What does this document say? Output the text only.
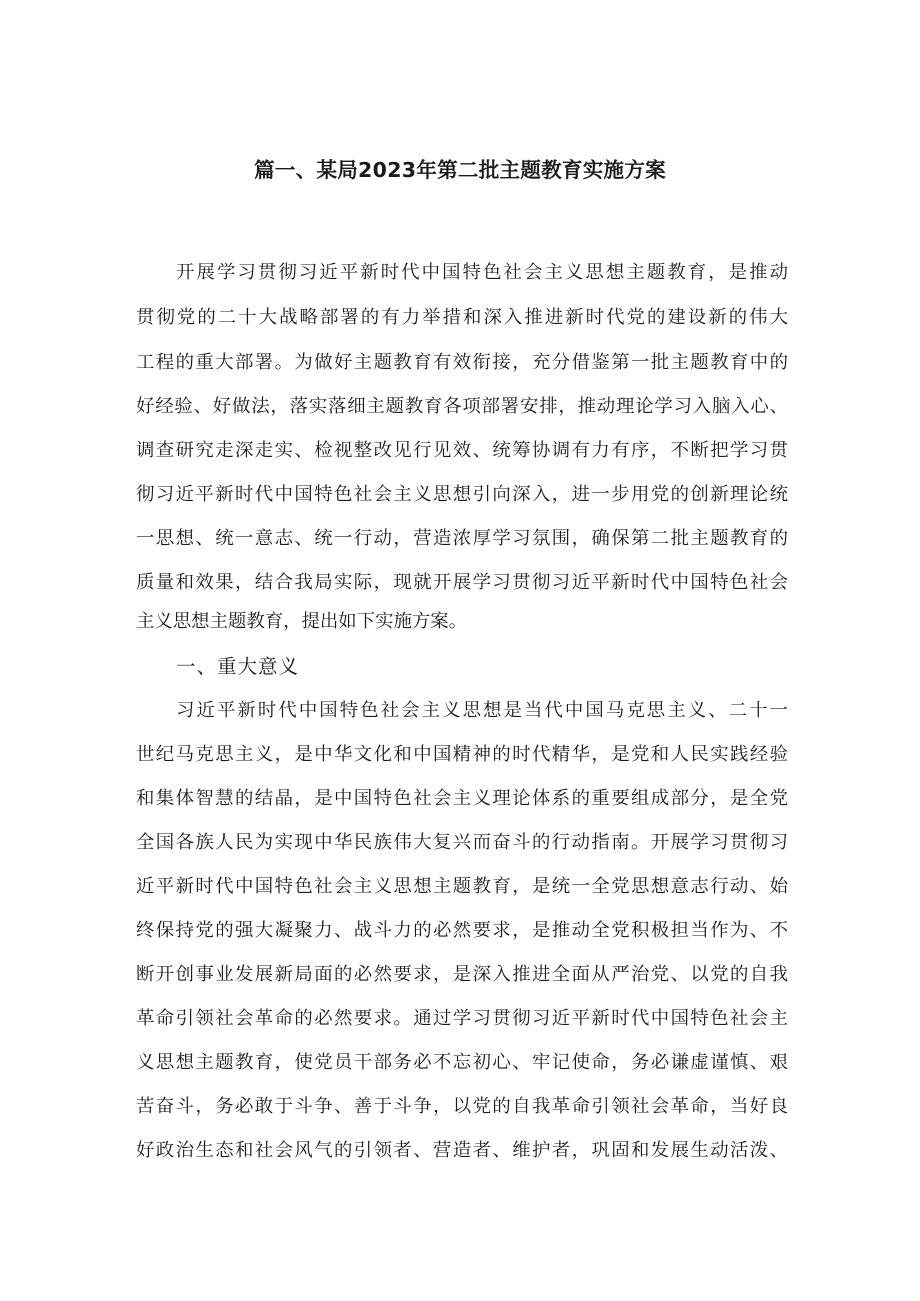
篇一、某局2023年第二批主题教育实施方案
开展学习贯彻习近平新时代中国特色社会主义思想主题教育，是推动
贯彻党的二十大战略部署的有力举措和深入推进新时代党的建设新的伟大
工程的重大部署。为做好主题教育有效衔接，充分借鉴第一批主题教育中的
好经验、好做法，落实落细主题教育各项部署安排，推动理论学习入脑入心、
调查研究走深走实、检视整改见行见效、统筹协调有力有序，不断把学习贯
彻习近平新时代中国特色社会主义思想引向深入，进一步用党的创新理论统
一思想、统一意志、统一行动，营造浓厚学习氛围，确保第二批主题教育的
质量和效果，结合我局实际，现就开展学习贯彻习近平新时代中国特色社会
主义思想主题教育，提出如下实施方案。
一、重大意义
习近平新时代中国特色社会主义思想是当代中国马克思主义、二十一
世纪马克思主义，是中华文化和中国精神的时代精华，是党和人民实践经验
和集体智慧的结晶，是中国特色社会主义理论体系的重要组成部分，是全党
全国各族人民为实现中华民族伟大复兴而奋斗的行动指南。开展学习贯彻习
近平新时代中国特色社会主义思想主题教育，是统一全党思想意志行动、始
终保持党的强大凝聚力、战斗力的必然要求，是推动全党积极担当作为、不
断开创事业发展新局面的必然要求，是深入推进全面从严治党、以党的自我
革命引领社会革命的必然要求。通过学习贯彻习近平新时代中国特色社会主
义思想主题教育，使党员干部务必不忘初心、牢记使命，务必谦虚谨慎、艰
苦奋斗，务必敢于斗争、善于斗争，以党的自我革命引领社会革命，当好良
好政治生态和社会风气的引领者、营造者、维护者，巩固和发展生动活泼、
